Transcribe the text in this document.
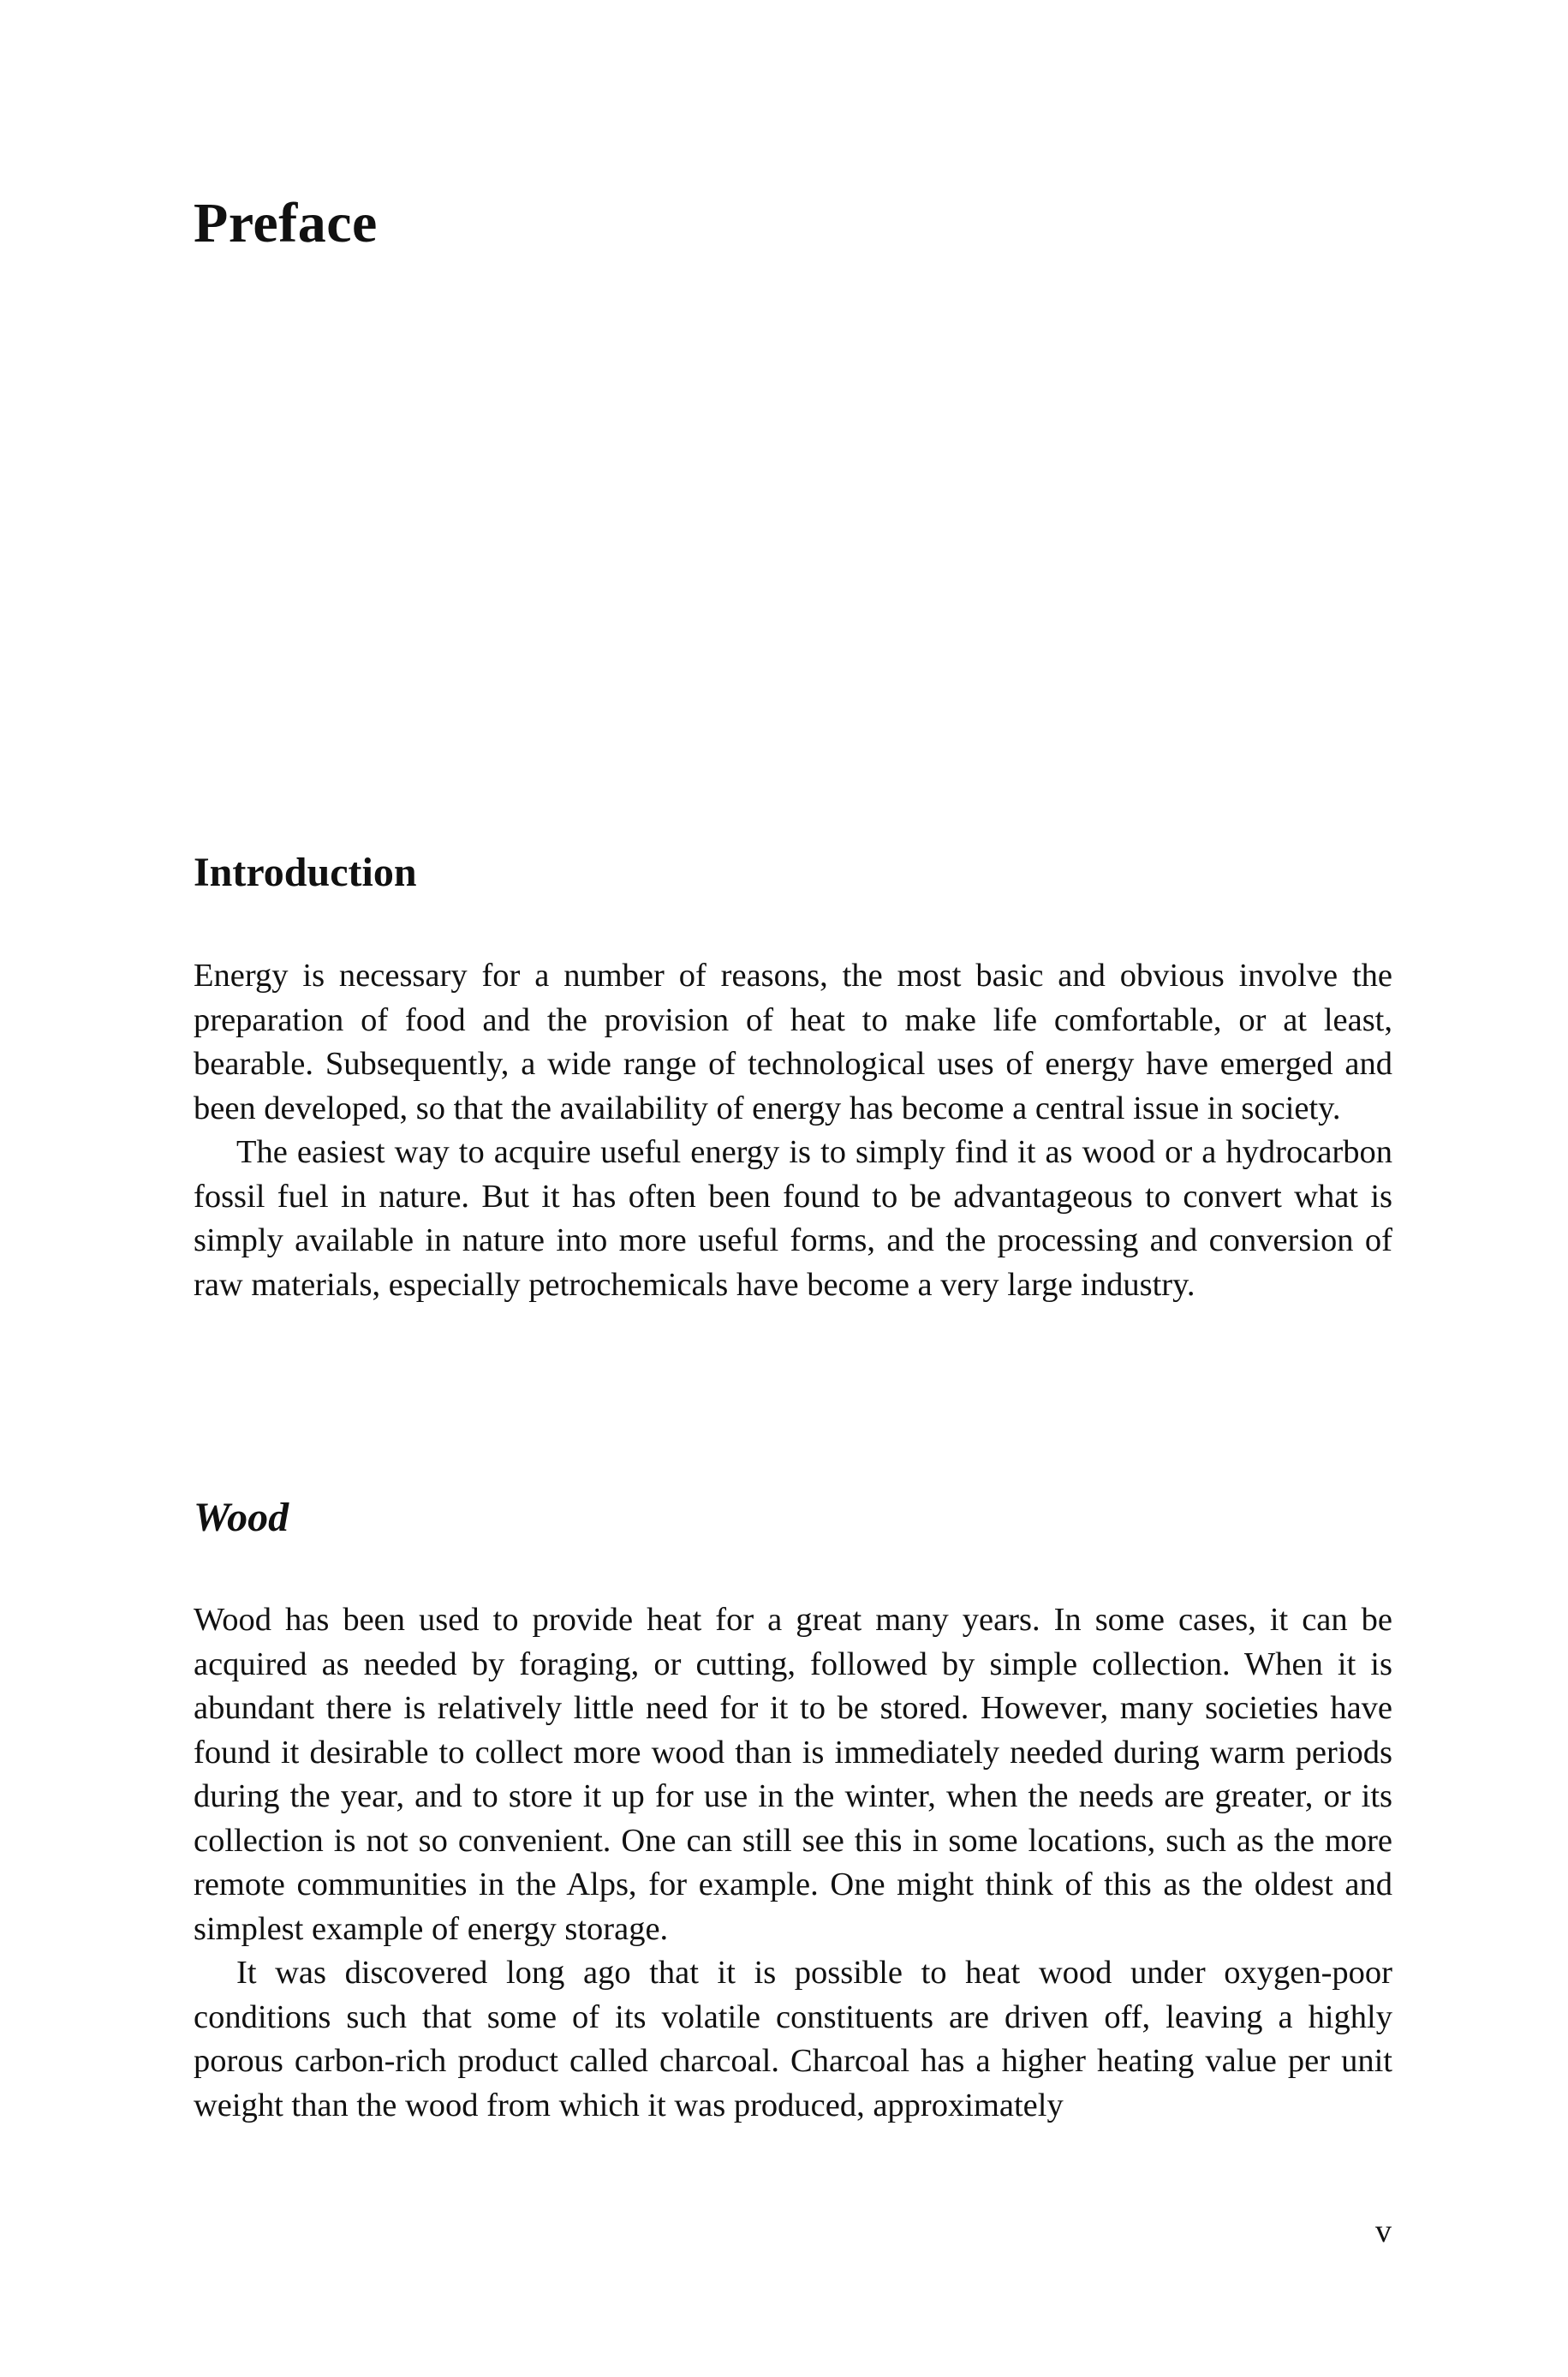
Preface
Introduction

Energy is necessary for a number of reasons, the most basic and obvious involve the preparation of food and the provision of heat to make life comfortable, or at least, bearable. Subsequently, a wide range of technological uses of energy have emerged and been developed, so that the availability of energy has become a central issue in society.

The easiest way to acquire useful energy is to simply find it as wood or a hydrocarbon fossil fuel in nature. But it has often been found to be advantageous to convert what is simply available in nature into more useful forms, and the processing and conversion of raw materials, especially petrochemicals have become a very large industry.

Wood

Wood has been used to provide heat for a great many years. In some cases, it can be acquired as needed by foraging, or cutting, followed by simple collection. When it is abundant there is relatively little need for it to be stored. However, many societies have found it desirable to collect more wood than is immediately needed during warm periods during the year, and to store it up for use in the winter, when the needs are greater, or its collection is not so convenient. One can still see this in some locations, such as the more remote communities in the Alps, for example. One might think of this as the oldest and simplest example of energy storage.

It was discovered long ago that it is possible to heat wood under oxygen-poor conditions such that some of its volatile constituents are driven off, leaving a highly porous carbon-rich product called charcoal. Charcoal has a higher heating value per unit weight than the wood from which it was produced, approximately

v
